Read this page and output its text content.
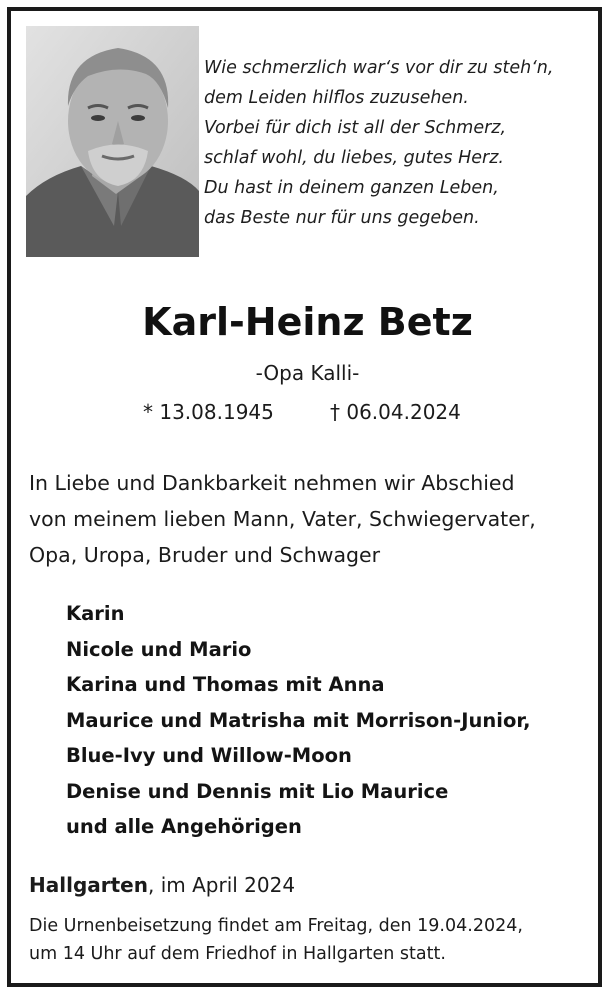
Wie schmerzlich war‘s vor dir zu steh‘n,
dem Leiden hilflos zuzusehen.
Vorbei für dich ist all der Schmerz,
schlaf wohl, du liebes, gutes Herz.
Du hast in deinem ganzen Leben,
das Beste nur für uns gegeben.
Karl-Heinz Betz
-Opa Kalli-
* 13.08.1945	† 06.04.2024
In Liebe und Dankbarkeit nehmen wir Abschied
von meinem lieben Mann, Vater, Schwiegervater,
Opa, Uropa, Bruder und Schwager
Karin
Nicole und Mario
Karina und Thomas mit Anna
Maurice und Matrisha mit Morrison-Junior,
Blue-Ivy und Willow-Moon
Denise und Dennis mit Lio Maurice
und alle Angehörigen
Hallgarten, im April 2024
Die Urnenbeisetzung findet am Freitag, den 19.04.2024,
um 14 Uhr auf dem Friedhof in Hallgarten statt.
